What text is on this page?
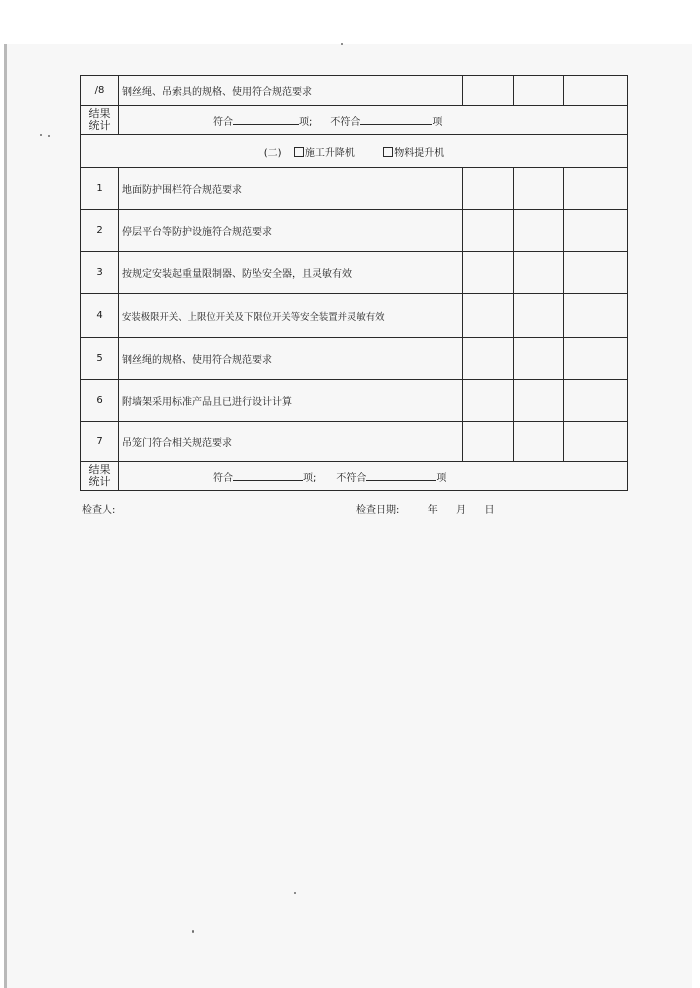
/8	钢丝绳、吊索具的规格、使用符合规范要求			

结果
统计	符合 项; 不符合 项			
(二) 施工升降机 物料提升机				
1	地面防护围栏符合规范要求			
2	停层平台等防护设施符合规范要求			
3	按规定安装起重量限制器、防坠安全器，且灵敏有效			
4	安装极限开关、上限位开关及下限位开关等安全装置并灵敏有效			
5	钢丝绳的规格、使用符合规范要求			
6	附墙架采用标准产品且已进行设计计算			
7	吊笼门符合相关规范要求			

结果
统计	符合 项; 不符合 项			
检查人:	检查日期:	年 月 日
